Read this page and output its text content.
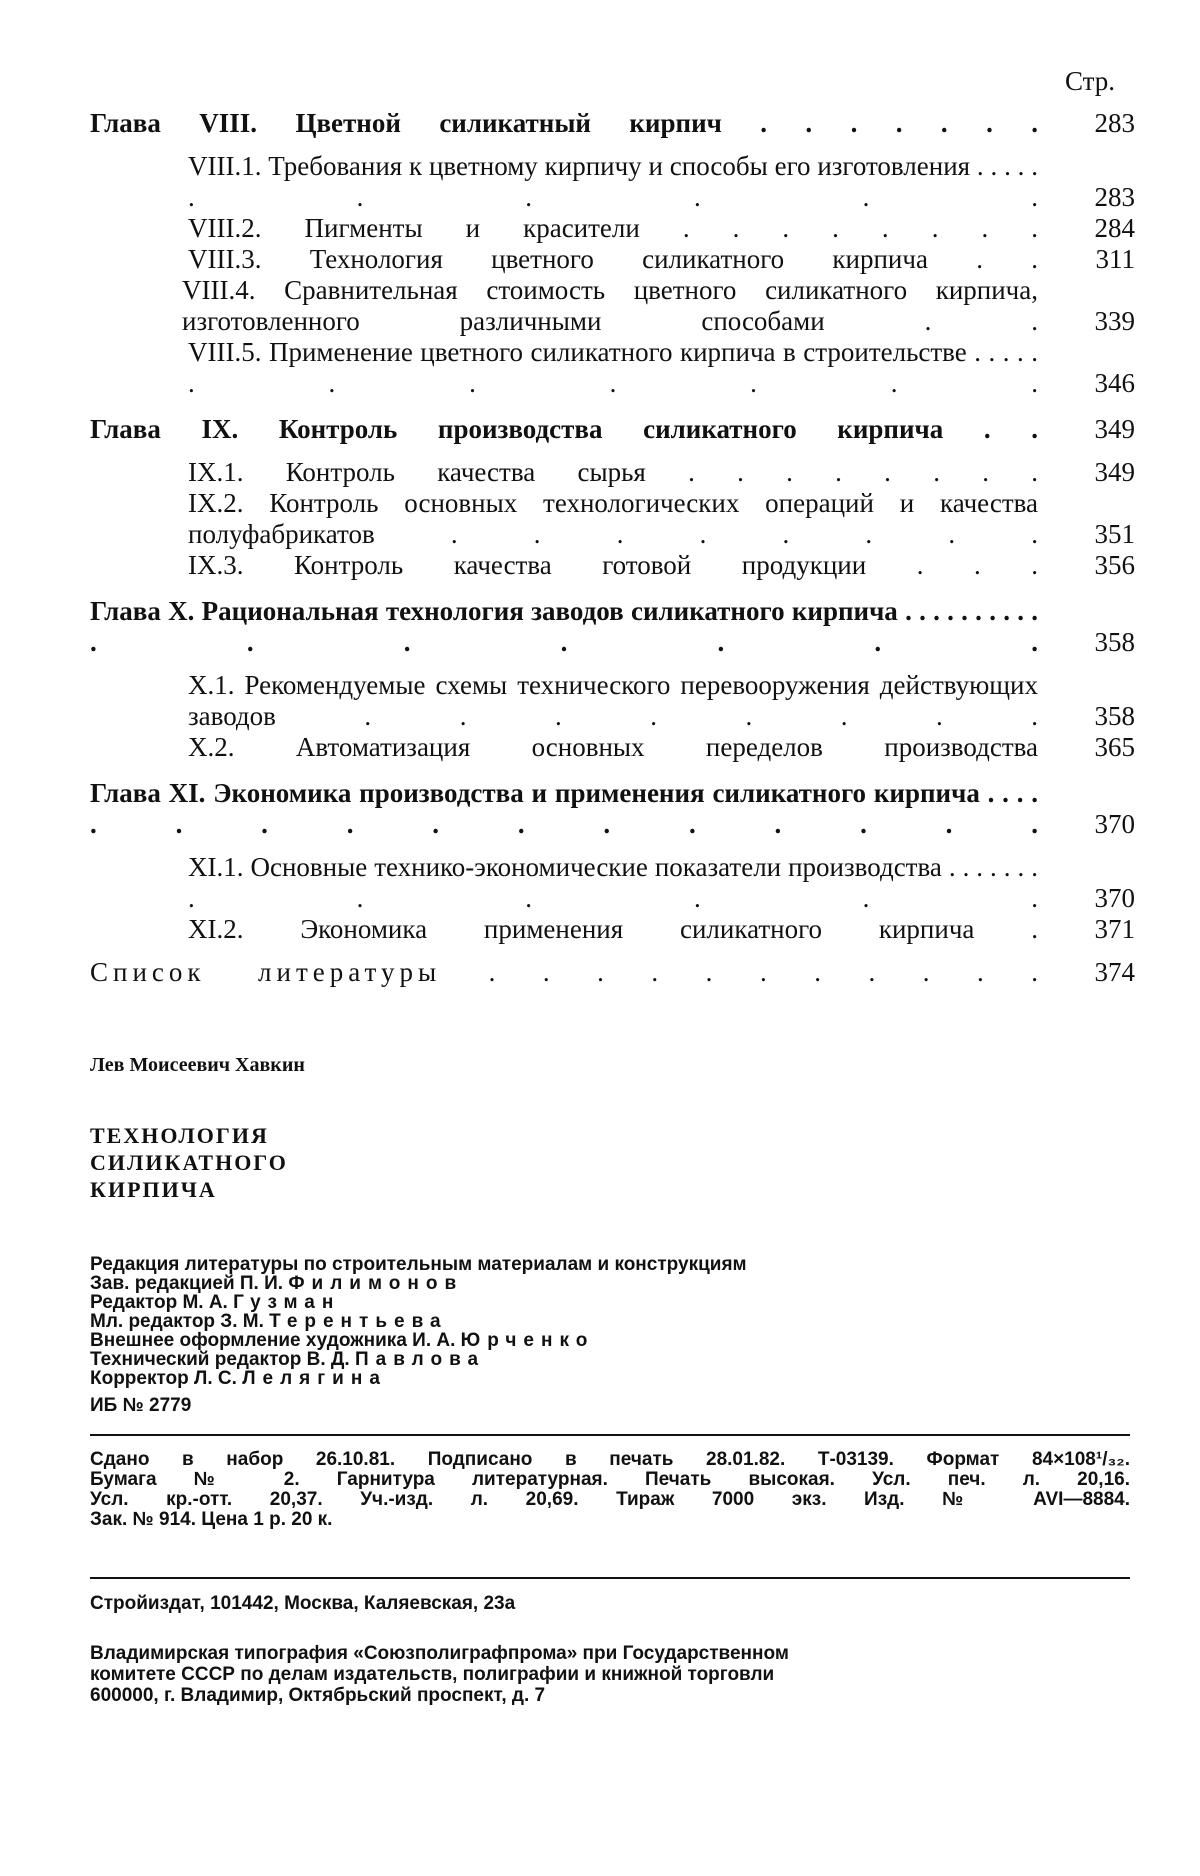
Стр.
Глава VIII. Цветной силикатный кирпич . . . . . . .	283
VIII.1. Требования к цветному кирпичу и способы его изготовления . . . . . . . . . . .	283
VIII.2. Пигменты и красители . . . . . . . .	284
VIII.3. Технология цветного силикатного кирпича . .	311
VIII.4. Сравнительная стоимость цветного силикатного кирпича, изготовленного различными способами . .	339
VIII.5. Применение цветного силикатного кирпича в строительстве . . . . . . . . . . . .	346
Глава IX. Контроль производства силикатного кирпича . .	349
IX.1. Контроль качества сырья . . . . . . . .	349
IX.2. Контроль основных технологических операций и качества полуфабрикатов . . . . . . . .	351
IX.3. Контроль качества готовой продукции . . .	356
Глава X. Рациональная технология заводов силикатного кирпича . . . . . . . . . . . . . . . . .	358
X.1. Рекомендуемые схемы технического перевооружения действующих заводов . . . . . . . .	358
X.2. Автоматизация основных переделов производства	365
Глава XI. Экономика производства и применения силикатного кирпича . . . . . . . . . . . . . . . .	370
XI.1. Основные технико-экономические показатели производства . . . . . . . . . . . . .	370
XI.2. Экономика применения силикатного кирпича .	371
Список литературы . . . . . . . . . . .	374
Лев Моисеевич Хавкин
ТЕХНОЛОГИЯ
СИЛИКАТНОГО
КИРПИЧА
Редакция литературы по строительным материалам и конструкциям
Зав. редакцией П. И. Филимонов
Редактор М. А. Гузман
Мл. редактор З. М. Терентьева
Внешнее оформление художника И. А. Юрченко
Технический редактор В. Д. Павлова
Корректор Л. С. Лелягина
ИБ № 2779
Сдано в набор 26.10.81. Подписано в печать 28.01.82. Т-03139. Формат 84×108¹/₃₂.
Бумага № 2. Гарнитура литературная. Печать высокая. Усл. печ. л. 20,16.
Усл. кр.-отт. 20,37. Уч.-изд. л. 20,69. Тираж 7000 экз. Изд. № AVI—8884.
Зак. № 914. Цена 1 р. 20 к.
Стройиздат, 101442, Москва, Каляевская, 23а
Владимирская типография «Союзполиграфпрома» при Государственном
комитете СССР по делам издательств, полиграфии и книжной торговли
600000, г. Владимир, Октябрьский проспект, д. 7
